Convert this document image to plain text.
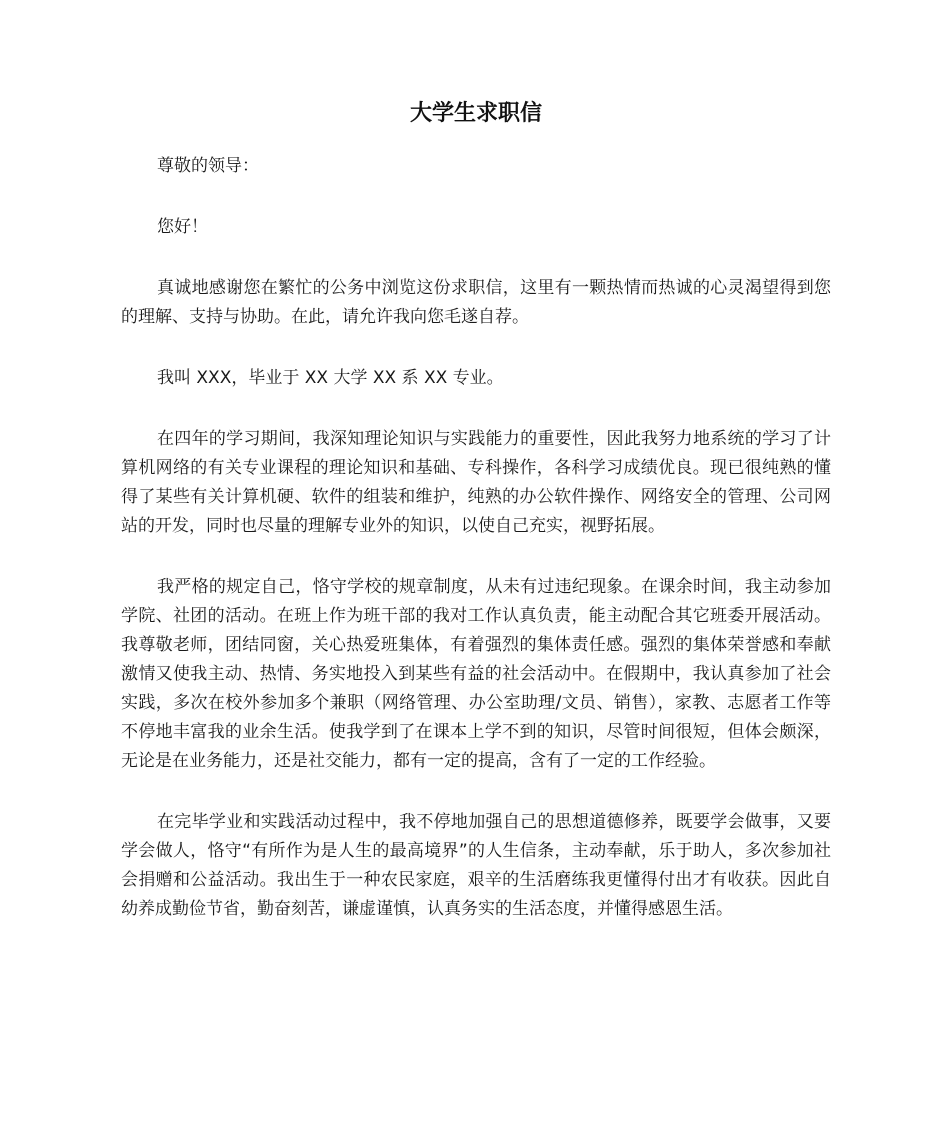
大学生求职信

尊敬的领导：

您好！

真诚地感谢您在繁忙的公务中浏览这份求职信，这里有一颗热情而热诚的心灵渴望得到您的理解、支持与协助。在此，请允许我向您毛遂自荐。

我叫 XXX，毕业于 XX 大学 XX 系 XX 专业。

在四年的学习期间，我深知理论知识与实践能力的重要性，因此我努力地系统的学习了计算机网络的有关专业课程的理论知识和基础、专科操作，各科学习成绩优良。现已很纯熟的懂得了某些有关计算机硬、软件的组装和维护，纯熟的办公软件操作、网络安全的管理、公司网站的开发，同时也尽量的理解专业外的知识，以使自己充实，视野拓展。

我严格的规定自己，恪守学校的规章制度，从未有过违纪现象。在课余时间，我主动参加学院、社团的活动。在班上作为班干部的我对工作认真负责，能主动配合其它班委开展活动。我尊敬老师，团结同窗，关心热爱班集体，有着强烈的集体责任感。强烈的集体荣誉感和奉献激情又使我主动、热情、务实地投入到某些有益的社会活动中。在假期中，我认真参加了社会实践，多次在校外参加多个兼职（网络管理、办公室助理/文员、销售），家教、志愿者工作等不停地丰富我的业余生活。使我学到了在课本上学不到的知识，尽管时间很短，但体会颇深，无论是在业务能力，还是社交能力，都有一定的提高，含有了一定的工作经验。

在完毕学业和实践活动过程中，我不停地加强自己的思想道德修养，既要学会做事，又要学会做人，恪守“有所作为是人生的最高境界”的人生信条，主动奉献，乐于助人，多次参加社会捐赠和公益活动。我出生于一种农民家庭，艰辛的生活磨练我更懂得付出才有收获。因此自幼养成勤俭节省，勤奋刻苦，谦虚谨慎，认真务实的生活态度，并懂得感恩生活。
